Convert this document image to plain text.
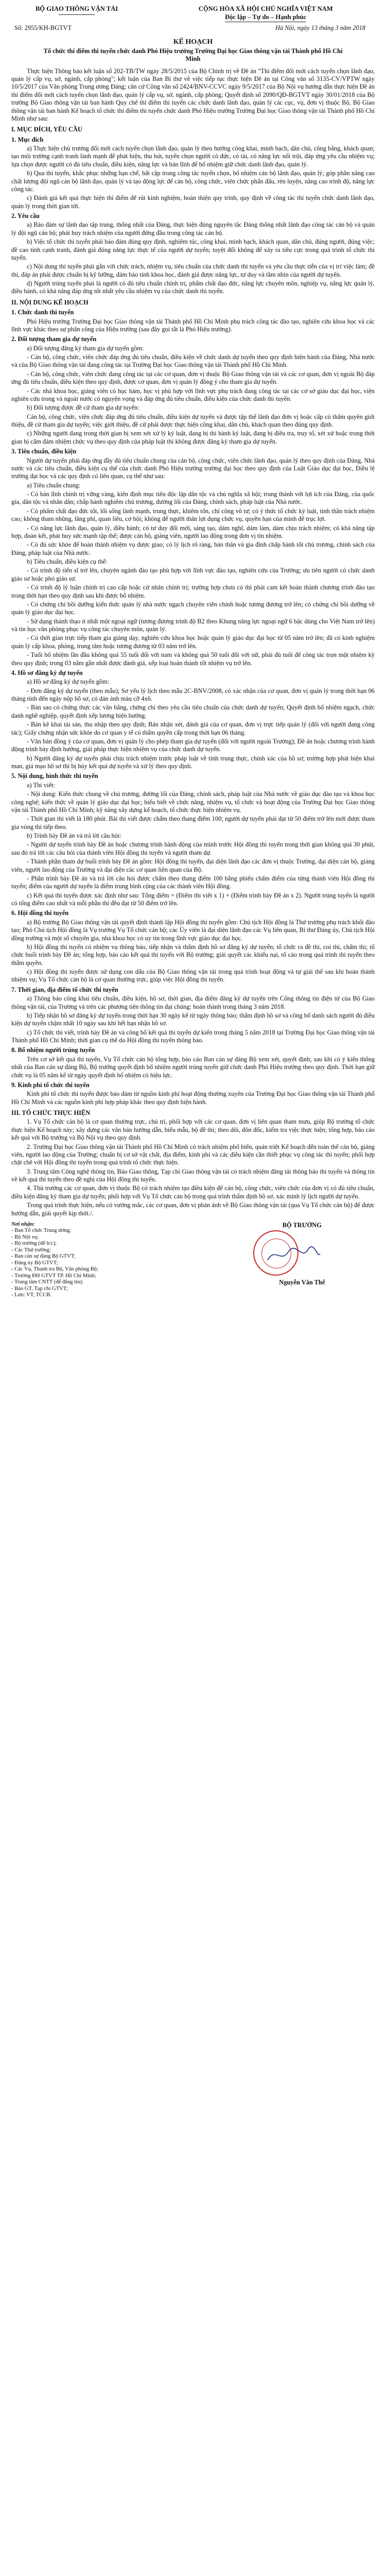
BỘ GIAO THÔNG VẬN TẢI	CỘNG HÒA XÃ HỘI CHỦ NGHĨA VIỆT NAM
Độc lập – Tự do – Hạnh phúc
Số: 2955/KH-BGTVT	Hà Nội, ngày 13 tháng 3 năm 2018
KẾ HOẠCH
Tổ chức thí điểm thi tuyển chức danh Phó Hiệu trưởng Trường Đại học Giao thông vận tải Thành phố Hồ Chí Minh

Thực hiện Thông báo kết luận số 202-TB/TW ngày 28/5/2015 của Bộ Chính trị về Đề án "Thí điểm đổi mới cách tuyển chọn lãnh đạo, quản lý cấp vụ, sở, ngành, cấp phòng"; kết luận của Ban Bí thư về việc tiếp tục thực hiện Đề án tại Công văn số 3135-CV/VPTW ngày 10/5/2017 của Văn phòng Trung ương Đảng; căn cứ Công văn số 2424/BNV-CCVC ngày 9/5/2017 của Bộ Nội vụ hướng dẫn thực hiện Đề án thí điểm đổi mới cách tuyển chọn lãnh đạo, quản lý cấp vụ, sở, ngành, cấp phòng; Quyết định số 2090/QĐ-BGTVT ngày 30/01/2018 của Bộ trưởng Bộ Giao thông vận tải ban hành Quy chế thí điểm thi tuyển các chức danh lãnh đạo, quản lý các cục, vụ, đơn vị thuộc Bộ, Bộ Giao thông vận tải ban hành Kế hoạch tổ chức thí điểm thi tuyển chức danh Phó Hiệu trưởng Trường Đại học Giao thông vận tải Thành phố Hồ Chí Minh như sau:

I. MỤC ĐÍCH, YÊU CẦU
1. Mục đích

a) Thực hiện chủ trương đổi mới cách tuyển chọn lãnh đạo, quản lý theo hướng công khai, minh bạch, dân chủ, công bằng, khách quan; tạo môi trường cạnh tranh lành mạnh để phát hiện, thu hút, tuyển chọn người có đức, có tài, có năng lực nổi trội, đáp ứng yêu cầu nhiệm vụ; lựa chọn được người có đủ tiêu chuẩn, điều kiện, năng lực và bản lĩnh để bổ nhiệm giữ chức danh lãnh đạo, quản lý.

b) Qua thi tuyển, khắc phục những hạn chế, bất cập trong công tác tuyển chọn, bổ nhiệm cán bộ lãnh đạo, quản lý; góp phần nâng cao chất lượng đội ngũ cán bộ lãnh đạo, quản lý và tạo động lực để cán bộ, công chức, viên chức phấn đấu, rèn luyện, nâng cao trình độ, năng lực công tác.

c) Đánh giá kết quả thực hiện thí điểm để rút kinh nghiệm, hoàn thiện quy trình, quy định về công tác thi tuyển chức danh lãnh đạo, quản lý trong thời gian tới.

2. Yêu cầu

a) Bảo đảm sự lãnh đạo tập trung, thống nhất của Đảng, thực hiện đúng nguyên tắc Đảng thống nhất lãnh đạo công tác cán bộ và quản lý đội ngũ cán bộ; phát huy trách nhiệm của người đứng đầu trong công tác cán bộ.

b) Việc tổ chức thi tuyển phải bảo đảm đúng quy định, nghiêm túc, công khai, minh bạch, khách quan, dân chủ, đúng người, đúng việc; đề cao tính cạnh tranh, đánh giá đúng năng lực thực tế của người dự tuyển; tuyệt đối không để xảy ra tiêu cực trong quá trình tổ chức thi tuyển.

c) Nội dung thi tuyển phải gắn với chức trách, nhiệm vụ, tiêu chuẩn của chức danh thi tuyển và yêu cầu thực tiễn của vị trí việc làm; đề thi, đáp án phải được chuẩn bị kỹ lưỡng, đảm bảo tính khoa học, đánh giá được năng lực, tư duy và tầm nhìn của người dự tuyển.

d) Người trúng tuyển phải là người có đủ tiêu chuẩn chính trị, phẩm chất đạo đức, năng lực chuyên môn, nghiệp vụ, năng lực quản lý, điều hành, có khả năng đáp ứng tốt nhất yêu cầu nhiệm vụ của chức danh thi tuyển.

II. NỘI DUNG KẾ HOẠCH
1. Chức danh thi tuyển

Phó Hiệu trưởng Trường Đại học Giao thông vận tải Thành phố Hồ Chí Minh phụ trách công tác đào tạo, nghiên cứu khoa học và các lĩnh vực khác theo sự phân công của Hiệu trưởng (sau đây gọi tắt là Phó Hiệu trưởng).

2. Đối tượng tham gia dự tuyển

a) Đối tượng đăng ký tham gia dự tuyển gồm:

- Cán bộ, công chức, viên chức đáp ứng đủ tiêu chuẩn, điều kiện về chức danh dự tuyển theo quy định hiện hành của Đảng, Nhà nước và của Bộ Giao thông vận tải đang công tác tại Trường Đại học Giao thông vận tải Thành phố Hồ Chí Minh.

- Cán bộ, công chức, viên chức đang công tác tại các cơ quan, đơn vị thuộc Bộ Giao thông vận tải và các cơ quan, đơn vị ngoài Bộ đáp ứng đủ tiêu chuẩn, điều kiện theo quy định, được cơ quan, đơn vị quản lý đồng ý cho tham gia dự tuyển.

- Các nhà khoa học, giảng viên có học hàm, học vị phù hợp với lĩnh vực phụ trách đang công tác tại các cơ sở giáo dục đại học, viện nghiên cứu trong và ngoài nước có nguyện vọng và đáp ứng đủ tiêu chuẩn, điều kiện của chức danh thi tuyển.

b) Đối tượng được đề cử tham gia dự tuyển:

Cán bộ, công chức, viên chức đáp ứng đủ tiêu chuẩn, điều kiện dự tuyển và được tập thể lãnh đạo đơn vị hoặc cấp có thẩm quyền giới thiệu, đề cử tham gia dự tuyển; việc giới thiệu, đề cử phải được thực hiện công khai, dân chủ, khách quan theo đúng quy định.

c) Những người đang trong thời gian bị xem xét xử lý kỷ luật, đang bị thi hành kỷ luật, đang bị điều tra, truy tố, xét xử hoặc trong thời gian bị cấm đảm nhiệm chức vụ theo quy định của pháp luật thì không được đăng ký tham gia dự tuyển.

3. Tiêu chuẩn, điều kiện

Người dự tuyển phải đáp ứng đầy đủ tiêu chuẩn chung của cán bộ, công chức, viên chức lãnh đạo, quản lý theo quy định của Đảng, Nhà nước và các tiêu chuẩn, điều kiện cụ thể của chức danh Phó Hiệu trưởng trường đại học theo quy định của Luật Giáo dục đại học, Điều lệ trường đại học và các quy định có liên quan, cụ thể như sau:

a) Tiêu chuẩn chung:

- Có bản lĩnh chính trị vững vàng, kiên định mục tiêu độc lập dân tộc và chủ nghĩa xã hội; trung thành với lợi ích của Đảng, của quốc gia, dân tộc và nhân dân; chấp hành nghiêm chủ trương, đường lối của Đảng, chính sách, pháp luật của Nhà nước.

- Có phẩm chất đạo đức tốt, lối sống lành mạnh, trung thực, khiêm tốn, chí công vô tư; có ý thức tổ chức kỷ luật, tinh thần trách nhiệm cao; không tham nhũng, lãng phí, quan liêu, cơ hội; không để người thân lợi dụng chức vụ, quyền hạn của mình để trục lợi.

- Có năng lực lãnh đạo, quản lý, điều hành; có tư duy đổi mới, sáng tạo, dám nghĩ, dám làm, dám chịu trách nhiệm; có khả năng tập hợp, đoàn kết, phát huy sức mạnh tập thể; được cán bộ, giảng viên, người lao động trong đơn vị tín nhiệm.

- Có đủ sức khỏe để hoàn thành nhiệm vụ được giao; có lý lịch rõ ràng, bản thân và gia đình chấp hành tốt chủ trương, chính sách của Đảng, pháp luật của Nhà nước.

b) Tiêu chuẩn, điều kiện cụ thể:

- Có trình độ tiến sĩ trở lên, chuyên ngành đào tạo phù hợp với lĩnh vực đào tạo, nghiên cứu của Trường; ưu tiên người có chức danh giáo sư hoặc phó giáo sư.

- Có trình độ lý luận chính trị cao cấp hoặc cử nhân chính trị; trường hợp chưa có thì phải cam kết hoàn thành chương trình đào tạo trong thời hạn theo quy định sau khi được bổ nhiệm.

- Có chứng chỉ bồi dưỡng kiến thức quản lý nhà nước ngạch chuyên viên chính hoặc tương đương trở lên; có chứng chỉ bồi dưỡng về quản lý giáo dục đại học.

- Sử dụng thành thạo ít nhất một ngoại ngữ (tương đương trình độ B2 theo Khung năng lực ngoại ngữ 6 bậc dùng cho Việt Nam trở lên) và tin học văn phòng phục vụ công tác chuyên môn, quản lý.

- Có thời gian trực tiếp tham gia giảng dạy, nghiên cứu khoa học hoặc quản lý giáo dục đại học từ 05 năm trở lên; đã có kinh nghiệm quản lý cấp khoa, phòng, trung tâm hoặc tương đương từ 03 năm trở lên.

- Tuổi bổ nhiệm lần đầu không quá 55 tuổi đối với nam và không quá 50 tuổi đối với nữ, phải đủ tuổi để công tác trọn một nhiệm kỳ theo quy định; trong 03 năm gần nhất được đánh giá, xếp loại hoàn thành tốt nhiệm vụ trở lên.

4. Hồ sơ đăng ký dự tuyển

a) Hồ sơ đăng ký dự tuyển gồm:

- Đơn đăng ký dự tuyển (theo mẫu); Sơ yếu lý lịch theo mẫu 2C-BNV/2008, có xác nhận của cơ quan, đơn vị quản lý trong thời hạn 06 tháng tính đến ngày nộp hồ sơ, có dán ảnh màu cỡ 4x6.

- Bản sao có chứng thực các văn bằng, chứng chỉ theo yêu cầu tiêu chuẩn của chức danh dự tuyển; Quyết định bổ nhiệm ngạch, chức danh nghề nghiệp, quyết định xếp lương hiện hưởng.

- Bản kê khai tài sản, thu nhập theo quy định; Bản nhận xét, đánh giá của cơ quan, đơn vị trực tiếp quản lý (đối với người đang công tác); Giấy chứng nhận sức khỏe do cơ quan y tế có thẩm quyền cấp trong thời hạn 06 tháng.

- Văn bản đồng ý của cơ quan, đơn vị quản lý cho phép tham gia dự tuyển (đối với người ngoài Trường); Đề án hoặc chương trình hành động trình bày định hướng, giải pháp thực hiện nhiệm vụ của chức danh dự tuyển.

b) Người đăng ký dự tuyển phải chịu trách nhiệm trước pháp luật về tính trung thực, chính xác của hồ sơ; trường hợp phát hiện khai man, giả mạo hồ sơ thì bị hủy kết quả dự tuyển và xử lý theo quy định.

5. Nội dung, hình thức thi tuyển

a) Thi viết:

- Nội dung: Kiến thức chung về chủ trương, đường lối của Đảng, chính sách, pháp luật của Nhà nước về giáo dục đào tạo và khoa học công nghệ; kiến thức về quản lý giáo dục đại học; hiểu biết về chức năng, nhiệm vụ, tổ chức và hoạt động của Trường Đại học Giao thông vận tải Thành phố Hồ Chí Minh; kỹ năng xây dựng kế hoạch, tổ chức thực hiện nhiệm vụ.

- Thời gian thi viết là 180 phút. Bài thi viết được chấm theo thang điểm 100; người dự tuyển phải đạt từ 50 điểm trở lên mới được tham gia vòng thi tiếp theo.

b) Trình bày Đề án và trả lời câu hỏi:

- Người dự tuyển trình bày Đề án hoặc chương trình hành động của mình trước Hội đồng thi tuyển trong thời gian không quá 30 phút, sau đó trả lời các câu hỏi của thành viên Hội đồng thi tuyển và người tham dự.

- Thành phần tham dự buổi trình bày Đề án gồm: Hội đồng thi tuyển, đại diện lãnh đạo các đơn vị thuộc Trường, đại diện cán bộ, giảng viên, người lao động của Trường và đại diện các cơ quan liên quan của Bộ.

- Phần trình bày Đề án và trả lời câu hỏi được chấm theo thang điểm 100 bằng phiếu chấm điểm của từng thành viên Hội đồng thi tuyển; điểm của người dự tuyển là điểm trung bình cộng của các thành viên Hội đồng.

c) Kết quả thi tuyển được xác định như sau: Tổng điểm = (Điểm thi viết x 1) + (Điểm trình bày Đề án x 2). Người trúng tuyển là người có tổng điểm cao nhất và mỗi phần thi đều đạt từ 50 điểm trở lên.

6. Hội đồng thi tuyển

a) Bộ trưởng Bộ Giao thông vận tải quyết định thành lập Hội đồng thi tuyển gồm: Chủ tịch Hội đồng là Thứ trưởng phụ trách khối đào tạo; Phó Chủ tịch Hội đồng là Vụ trưởng Vụ Tổ chức cán bộ; các Ủy viên là đại diện lãnh đạo các Vụ liên quan, Bí thư Đảng ủy, Chủ tịch Hội đồng trường và một số chuyên gia, nhà khoa học có uy tín trong lĩnh vực giáo dục đại học.

b) Hội đồng thi tuyển có nhiệm vụ thông báo, tiếp nhận và thẩm định hồ sơ đăng ký dự tuyển; tổ chức ra đề thi, coi thi, chấm thi; tổ chức buổi trình bày Đề án; tổng hợp, báo cáo kết quả thi tuyển với Bộ trưởng; giải quyết các khiếu nại, tố cáo trong quá trình thi tuyển theo thẩm quyền.

c) Hội đồng thi tuyển được sử dụng con dấu của Bộ Giao thông vận tải trong quá trình hoạt động và tự giải thể sau khi hoàn thành nhiệm vụ; Vụ Tổ chức cán bộ là cơ quan thường trực, giúp việc Hội đồng thi tuyển.

7. Thời gian, địa điểm tổ chức thi tuyển

a) Thông báo công khai tiêu chuẩn, điều kiện, hồ sơ, thời gian, địa điểm đăng ký dự tuyển trên Cổng thông tin điện tử của Bộ Giao thông vận tải, của Trường và trên các phương tiện thông tin đại chúng: hoàn thành trong tháng 3 năm 2018.

b) Tiếp nhận hồ sơ đăng ký dự tuyển trong thời hạn 30 ngày kể từ ngày thông báo; thẩm định hồ sơ và công bố danh sách người đủ điều kiện dự tuyển chậm nhất 10 ngày sau khi hết hạn nhận hồ sơ.

c) Tổ chức thi viết, trình bày Đề án và công bố kết quả thi tuyển dự kiến trong tháng 5 năm 2018 tại Trường Đại học Giao thông vận tải Thành phố Hồ Chí Minh; thời gian cụ thể do Hội đồng thi tuyển thông báo.

8. Bổ nhiệm người trúng tuyển

Trên cơ sở kết quả thi tuyển, Vụ Tổ chức cán bộ tổng hợp, báo cáo Ban cán sự đảng Bộ xem xét, quyết định; sau khi có ý kiến thống nhất của Ban cán sự đảng Bộ, Bộ trưởng quyết định bổ nhiệm người trúng tuyển giữ chức danh Phó Hiệu trưởng theo quy định. Thời hạn giữ chức vụ là 05 năm kể từ ngày quyết định bổ nhiệm có hiệu lực.

9. Kinh phí tổ chức thi tuyển

Kinh phí tổ chức thi tuyển được bảo đảm từ nguồn kinh phí hoạt động thường xuyên của Trường Đại học Giao thông vận tải Thành phố Hồ Chí Minh và các nguồn kinh phí hợp pháp khác theo quy định hiện hành.

III. TỔ CHỨC THỰC HIỆN

1. Vụ Tổ chức cán bộ là cơ quan thường trực, chủ trì, phối hợp với các cơ quan, đơn vị liên quan tham mưu, giúp Bộ trưởng tổ chức thực hiện Kế hoạch này; xây dựng các văn bản hướng dẫn, biểu mẫu, bộ đề thi; theo dõi, đôn đốc, kiểm tra việc thực hiện; tổng hợp, báo cáo kết quả với Bộ trưởng và Bộ Nội vụ theo quy định.

2. Trường Đại học Giao thông vận tải Thành phố Hồ Chí Minh có trách nhiệm phổ biến, quán triệt Kế hoạch đến toàn thể cán bộ, giảng viên, người lao động của Trường; chuẩn bị cơ sở vật chất, địa điểm, kinh phí và các điều kiện cần thiết phục vụ công tác thi tuyển; phối hợp chặt chẽ với Hội đồng thi tuyển trong quá trình tổ chức thực hiện.

3. Trung tâm Công nghệ thông tin, Báo Giao thông, Tạp chí Giao thông vận tải có trách nhiệm đăng tải thông báo thi tuyển và thông tin về kết quả thi tuyển theo đề nghị của Hội đồng thi tuyển.

4. Thủ trưởng các cơ quan, đơn vị thuộc Bộ có trách nhiệm tạo điều kiện để cán bộ, công chức, viên chức của đơn vị có đủ tiêu chuẩn, điều kiện đăng ký tham gia dự tuyển; phối hợp với Vụ Tổ chức cán bộ trong quá trình thẩm định hồ sơ, xác minh lý lịch người dự tuyển.

Trong quá trình thực hiện, nếu có vướng mắc, các cơ quan, đơn vị phản ánh về Bộ Giao thông vận tải (qua Vụ Tổ chức cán bộ) để được hướng dẫn, giải quyết kịp thời./.

Nơi nhận:
- Ban Tổ chức Trung ương;
- Bộ Nội vụ;
- Bộ trưởng (để b/c);
- Các Thứ trưởng;
- Ban cán sự đảng Bộ GTVT;
- Đảng ủy Bộ GTVT;
- Các Vụ, Thanh tra Bộ, Văn phòng Bộ;
- Trường ĐH GTVT TP. Hồ Chí Minh;
- Trung tâm CNTT (để đăng tin);
- Báo GT, Tạp chí GTVT;
- Lưu: VT, TCCB.
BỘ TRƯỞNG
Nguyễn Văn Thể
